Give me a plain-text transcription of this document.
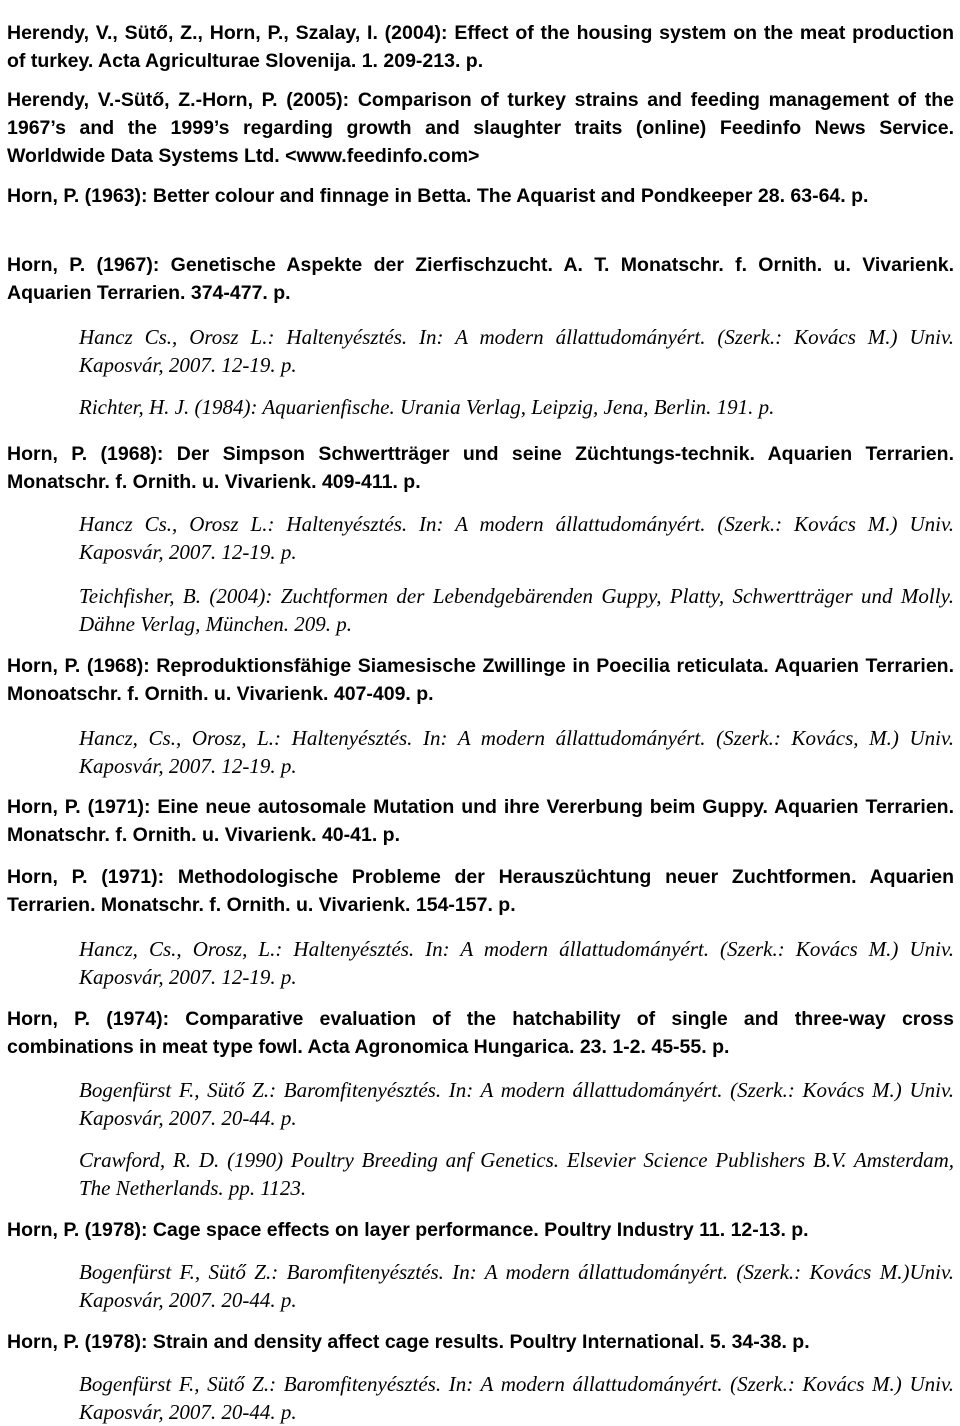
Herendy, V., Sütő, Z., Horn, P., Szalay, I. (2004): Effect of the housing system on the meat production of turkey. Acta Agriculturae Slovenija. 1. 209-213. p.

Herendy, V.-Sütő, Z.-Horn, P. (2005): Comparison of turkey strains and feeding management of the 1967’s and the 1999’s regarding growth and slaughter traits (online) Feedinfo News Service. Worldwide Data Systems Ltd. <www.feedinfo.com>

Horn, P. (1963): Better colour and finnage in Betta. The Aquarist and Pondkeeper 28. 63-64. p.

Horn, P. (1967): Genetische Aspekte der Zierfischzucht. A. T. Monatschr. f. Ornith. u. Vivarienk. Aquarien Terrarien. 374-477. p.

Hancz Cs., Orosz L.: Haltenyésztés. In: A modern állattudományért. (Szerk.: Kovács M.) Univ. Kaposvár, 2007. 12-19. p.

Richter, H. J. (1984): Aquarienfische. Urania Verlag, Leipzig, Jena, Berlin. 191. p.

Horn, P. (1968): Der Simpson Schwertträger und seine Züchtungs-technik. Aquarien Terrarien. Monatschr. f. Ornith. u. Vivarienk. 409-411. p.

Hancz Cs., Orosz L.: Haltenyésztés. In: A modern állattudományért. (Szerk.: Kovács M.) Univ. Kaposvár, 2007. 12-19. p.

Teichfisher, B. (2004): Zuchtformen der Lebendgebärenden Guppy, Platty, Schwertträger und Molly. Dähne Verlag, München. 209. p.

Horn, P. (1968): Reproduktionsfähige Siamesische Zwillinge in Poecilia reticulata. Aquarien Terrarien. Monoatschr. f. Ornith. u. Vivarienk. 407-409. p.

Hancz, Cs., Orosz, L.: Haltenyésztés. In: A modern állattudományért. (Szerk.: Kovács, M.) Univ. Kaposvár, 2007. 12-19. p.

Horn, P. (1971): Eine neue autosomale Mutation und ihre Vererbung beim Guppy. Aquarien Terrarien. Monatschr. f. Ornith. u. Vivarienk. 40-41. p.

Horn, P. (1971): Methodologische Probleme der Herauszüchtung neuer Zuchtformen. Aquarien Terrarien. Monatschr. f. Ornith. u. Vivarienk. 154-157. p.

Hancz, Cs., Orosz, L.: Haltenyésztés. In: A modern állattudományért. (Szerk.: Kovács M.) Univ. Kaposvár, 2007. 12-19. p.

Horn, P. (1974): Comparative evaluation of the hatchability of single and three-way cross combinations in meat type fowl. Acta Agronomica Hungarica. 23. 1-2. 45-55. p.

Bogenfürst F., Sütő Z.: Baromfitenyésztés. In: A modern állattudományért. (Szerk.: Kovács M.) Univ. Kaposvár, 2007. 20-44. p.

Crawford, R. D. (1990) Poultry Breeding anf Genetics. Elsevier Science Publishers B.V. Amsterdam, The Netherlands. pp. 1123.

Horn, P. (1978): Cage space effects on layer performance. Poultry Industry 11. 12-13. p.

Bogenfürst F., Sütő Z.: Baromfitenyésztés. In: A modern állattudományért. (Szerk.: Kovács M.)Univ. Kaposvár, 2007. 20-44. p.

Horn, P. (1978): Strain and density affect cage results. Poultry International. 5. 34-38. p.

Bogenfürst F., Sütő Z.: Baromfitenyésztés. In: A modern állattudományért. (Szerk.: Kovács M.) Univ. Kaposvár, 2007. 20-44. p.
